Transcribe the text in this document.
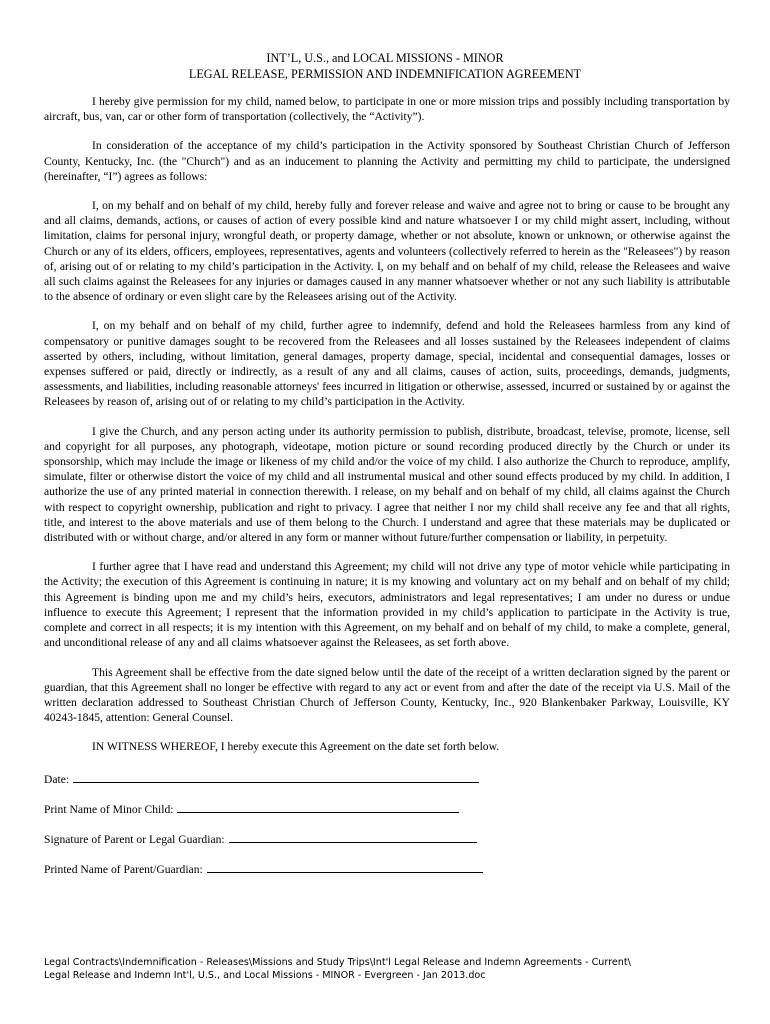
INT’L, U.S., and LOCAL MISSIONS - MINOR
LEGAL RELEASE, PERMISSION AND INDEMNIFICATION AGREEMENT

I hereby give permission for my child, named below, to participate in one or more mission trips and possibly including transportation by aircraft, bus, van, car or other form of transportation (collectively, the “Activity”).

In consideration of the acceptance of my child’s participation in the Activity sponsored by Southeast Christian Church of Jefferson County, Kentucky, Inc. (the "Church") and as an inducement to planning the Activity and permitting my child to participate, the undersigned (hereinafter, “I”) agrees as follows:

I, on my behalf and on behalf of my child, hereby fully and forever release and waive and agree not to bring or cause to be brought any and all claims, demands, actions, or causes of action of every possible kind and nature whatsoever I or my child might assert, including, without limitation, claims for personal injury, wrongful death, or property damage, whether or not absolute, known or unknown, or otherwise against the Church or any of its elders, officers, employees, representatives, agents and volunteers (collectively referred to herein as the "Releasees") by reason of, arising out of or relating to my child’s participation in the Activity. I, on my behalf and on behalf of my child, release the Releasees and waive all such claims against the Releasees for any injuries or damages caused in any manner whatsoever whether or not any such liability is attributable to the absence of ordinary or even slight care by the Releasees arising out of the Activity.

I, on my behalf and on behalf of my child, further agree to indemnify, defend and hold the Releasees harmless from any kind of compensatory or punitive damages sought to be recovered from the Releasees and all losses sustained by the Releasees independent of claims asserted by others, including, without limitation, general damages, property damage, special, incidental and consequential damages, losses or expenses suffered or paid, directly or indirectly, as a result of any and all claims, causes of action, suits, proceedings, demands, judgments, assessments, and liabilities, including reasonable attorneys' fees incurred in litigation or otherwise, assessed, incurred or sustained by or against the Releasees by reason of, arising out of or relating to my child’s participation in the Activity.

I give the Church, and any person acting under its authority permission to publish, distribute, broadcast, televise, promote, license, sell and copyright for all purposes, any photograph, videotape, motion picture or sound recording produced directly by the Church or under its sponsorship, which may include the image or likeness of my child and/or the voice of my child. I also authorize the Church to reproduce, amplify, simulate, filter or otherwise distort the voice of my child and all instrumental musical and other sound effects produced by my child. In addition, I authorize the use of any printed material in connection therewith. I release, on my behalf and on behalf of my child, all claims against the Church with respect to copyright ownership, publication and right to privacy. I agree that neither I nor my child shall receive any fee and that all rights, title, and interest to the above materials and use of them belong to the Church. I understand and agree that these materials may be duplicated or distributed with or without charge, and/or altered in any form or manner without future/further compensation or liability, in perpetuity.

I further agree that I have read and understand this Agreement; my child will not drive any type of motor vehicle while participating in the Activity; the execution of this Agreement is continuing in nature; it is my knowing and voluntary act on my behalf and on behalf of my child; this Agreement is binding upon me and my child’s heirs, executors, administrators and legal representatives; I am under no duress or undue influence to execute this Agreement; I represent that the information provided in my child’s application to participate in the Activity is true, complete and correct in all respects; it is my intention with this Agreement, on my behalf and on behalf of my child, to make a complete, general, and unconditional release of any and all claims whatsoever against the Releasees, as set forth above.

This Agreement shall be effective from the date signed below until the date of the receipt of a written declaration signed by the parent or guardian, that this Agreement shall no longer be effective with regard to any act or event from and after the date of the receipt via U.S. Mail of the written declaration addressed to Southeast Christian Church of Jefferson County, Kentucky, Inc., 920 Blankenbaker Parkway, Louisville, KY 40243-1845, attention: General Counsel.

IN WITNESS WHEREOF, I hereby execute this Agreement on the date set forth below.

Date:
Print Name of Minor Child:
Signature of Parent or Legal Guardian:
Printed Name of Parent/Guardian:
Legal Contracts\Indemnification - Releases\Missions and Study Trips\Int'l Legal Release and Indemn Agreements - Current\
Legal Release and Indemn Int'l, U.S., and Local Missions - MINOR - Evergreen - Jan 2013.doc
